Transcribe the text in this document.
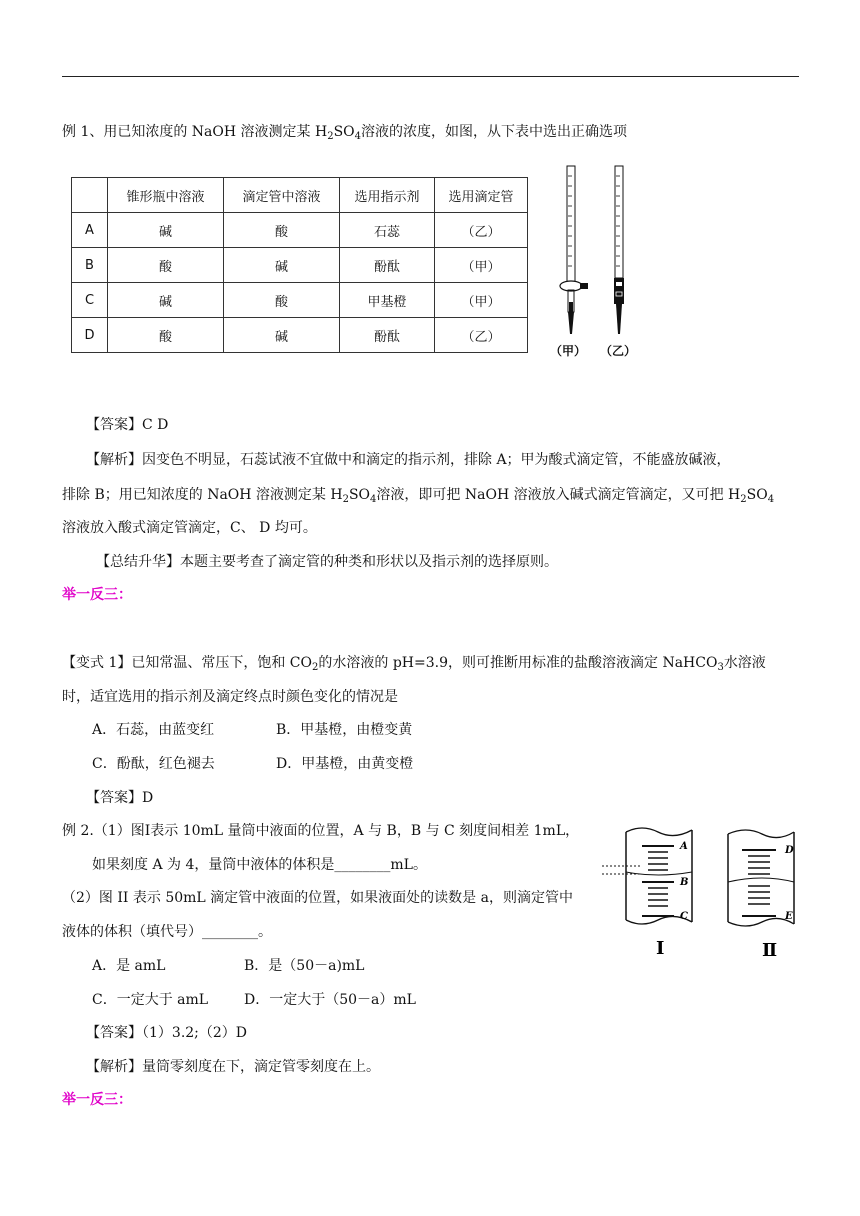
例 1、用已知浓度的 NaOH 溶液测定某 $H_2SO_4$溶液的浓度，如图，从下表中选出正确选项
	锥形瓶中溶液	滴定管中溶液	选用指示剂	选用滴定管
A	碱	酸	石蕊	（乙）
B	酸	碱	酚酞	（甲）
C	碱	酸	甲基橙	（甲）
D	酸	碱	酚酞	（乙）
（甲） （乙）
【答案】C D
【解析】因变色不明显，石蕊试液不宜做中和滴定的指示剂，排除 A；甲为酸式滴定管，不能盛放碱液，
排除 B；用已知浓度的 NaOH 溶液测定某 $H_2SO_4$溶液，即可把 NaOH 溶液放入碱式滴定管滴定，又可把 $H_2SO_4$
溶液放入酸式滴定管滴定，C、 D 均可。
【总结升华】本题主要考查了滴定管的种类和形状以及指示剂的选择原则。
举一反三：
【变式 1】已知常温、常压下，饱和 $CO_2$的水溶液的 pH=3.9，则可推断用标准的盐酸溶液滴定 NaHCO$_3$水溶液
时，适宜选用的指示剂及滴定终点时颜色变化的情况是
A．石蕊，由蓝变红	B．甲基橙，由橙变黄
C．酚酞，红色褪去	D．甲基橙，由黄变橙
【答案】D
例 2.（1）图Ⅰ表示 10mL 量筒中液面的位置，A 与 B，B 与 C 刻度间相差 1mL，
如果刻度 A 为 4，量筒中液体的体积是________mL。
（2）图 II 表示 50mL 滴定管中液面的位置，如果液面处的读数是 a，则滴定管中
液体的体积（填代号）________。
A．是 amL	B．是（50－a)mL
C．一定大于 amL	D．一定大于（50－a）mL
【答案】（1）3.2;（2）D
【解析】量筒零刻度在下，滴定管零刻度在上。
举一反三：
A
B
C
D
E
I	Ⅱ
